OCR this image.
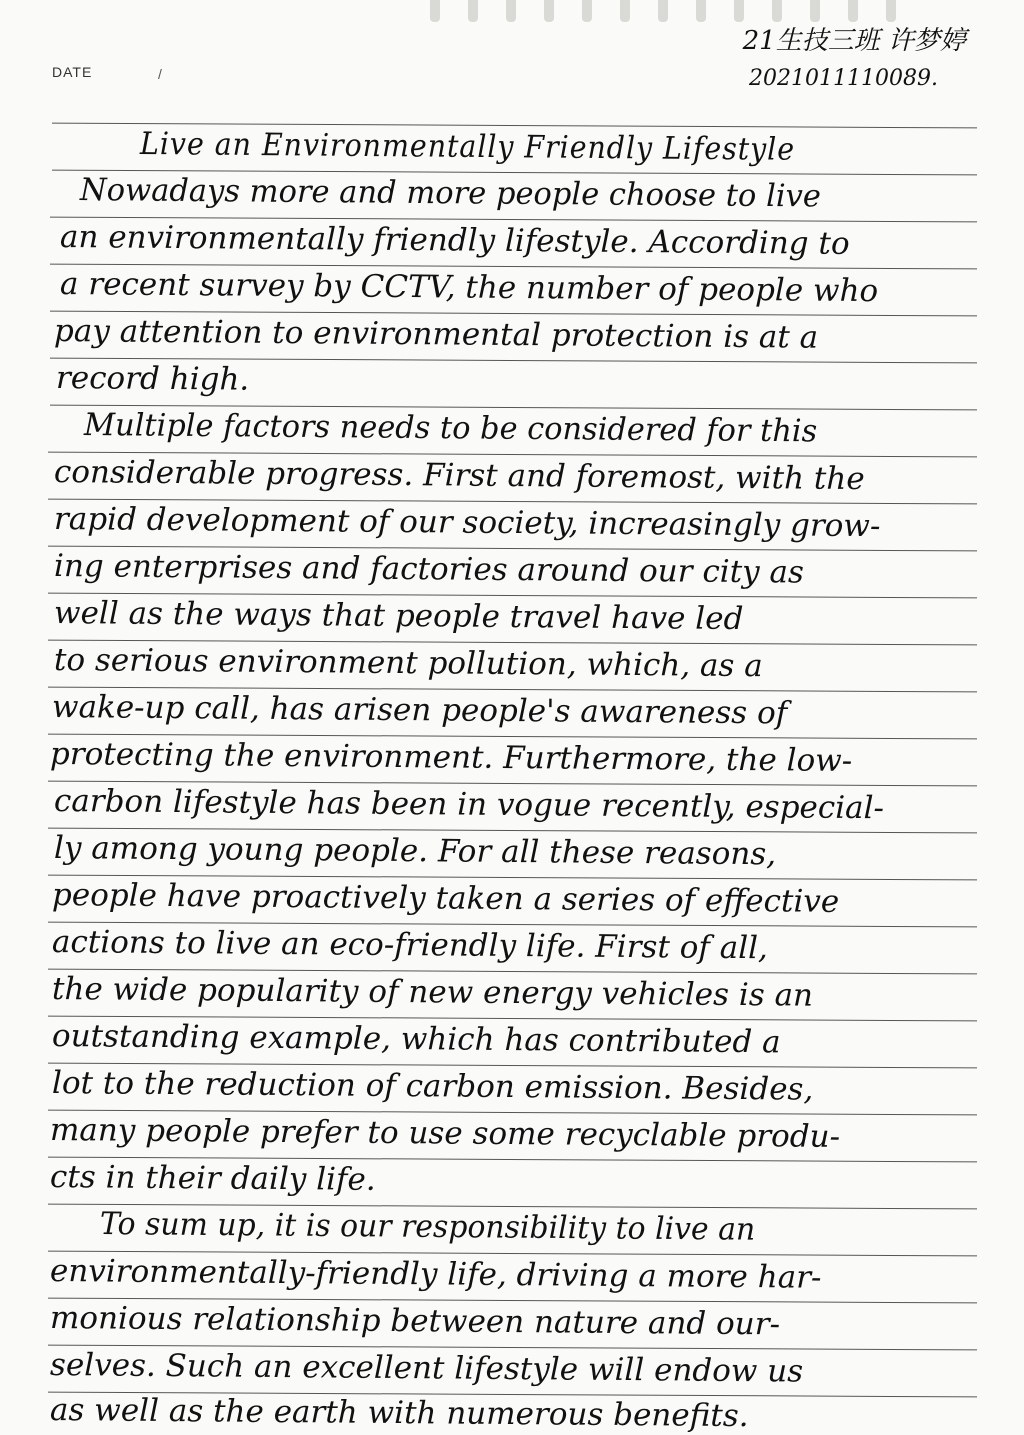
DATE	/
21生技三班 许梦婷
2021011110089.
Live an Environmentally Friendly Lifestyle
Nowadays more and more people choose to live
an environmentally friendly lifestyle. According to
a recent survey by CCTV, the number of people who
pay attention to environmental protection is at a
record high.
Multiple factors needs to be considered for this
considerable progress. First and foremost, with the
rapid development of our society, increasingly grow-
ing enterprises and factories around our city as
well as the ways that people travel have led
to serious environment pollution, which, as a
wake-up call, has arisen people's awareness of
protecting the environment. Furthermore, the low-
carbon lifestyle has been in vogue recently, especial-
ly among young people. For all these reasons,
people have proactively taken a series of effective
actions to live an eco-friendly life. First of all,
the wide popularity of new energy vehicles is an
outstanding example, which has contributed a
lot to the reduction of carbon emission. Besides,
many people prefer to use some recyclable produ-
cts in their daily life.
To sum up, it is our responsibility to live an
environmentally-friendly life, driving a more har-
monious relationship between nature and our-
selves. Such an excellent lifestyle will endow us
as well as the earth with numerous benefits.
